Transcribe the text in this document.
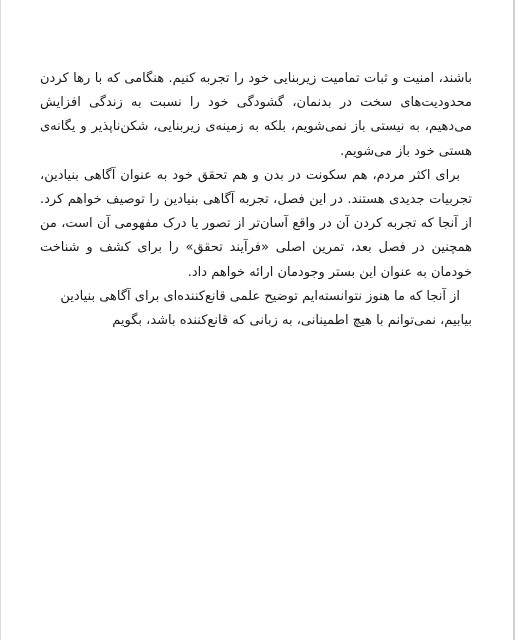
باشند، امنیت و ثبات تمامیت زیربنایی خود را تجربه کنیم. هنگامی که با رها کردن محدودیت‌های سخت در بدنمان، گشودگی خود را نسبت به زندگی افزایش می‌دهیم، به نیستی باز نمی‌شویم، بلکه به زمینه‌ی زیربنایی، شکن‌ناپذیر و یگانه‌ی هستی خود باز می‌شویم.

برای اکثر مردم، هم سکونت در بدن و هم تحقق خود به عنوان آگاهی بنیادین، تجربیات جدیدی هستند. در این فصل، تجربه آگاهی بنیادین را توصیف خواهم کرد. از آنجا که تجربه کردن آن در واقع آسان‌تر از تصور یا درک مفهومی آن است، من همچنین در فصل بعد، تمرین اصلی «فرآیند تحقق» را برای کشف و شناخت خودمان به عنوان این بستر وجودمان ارائه خواهم داد.

از آنجا که ما هنوز نتوانسته‌ایم توضیح علمی قانع‌کننده‌ای برای آگاهی بنیادین بیابیم، نمی‌توانم با هیچ اطمینانی، به زبانی که قانع‌کننده باشد، بگویم
